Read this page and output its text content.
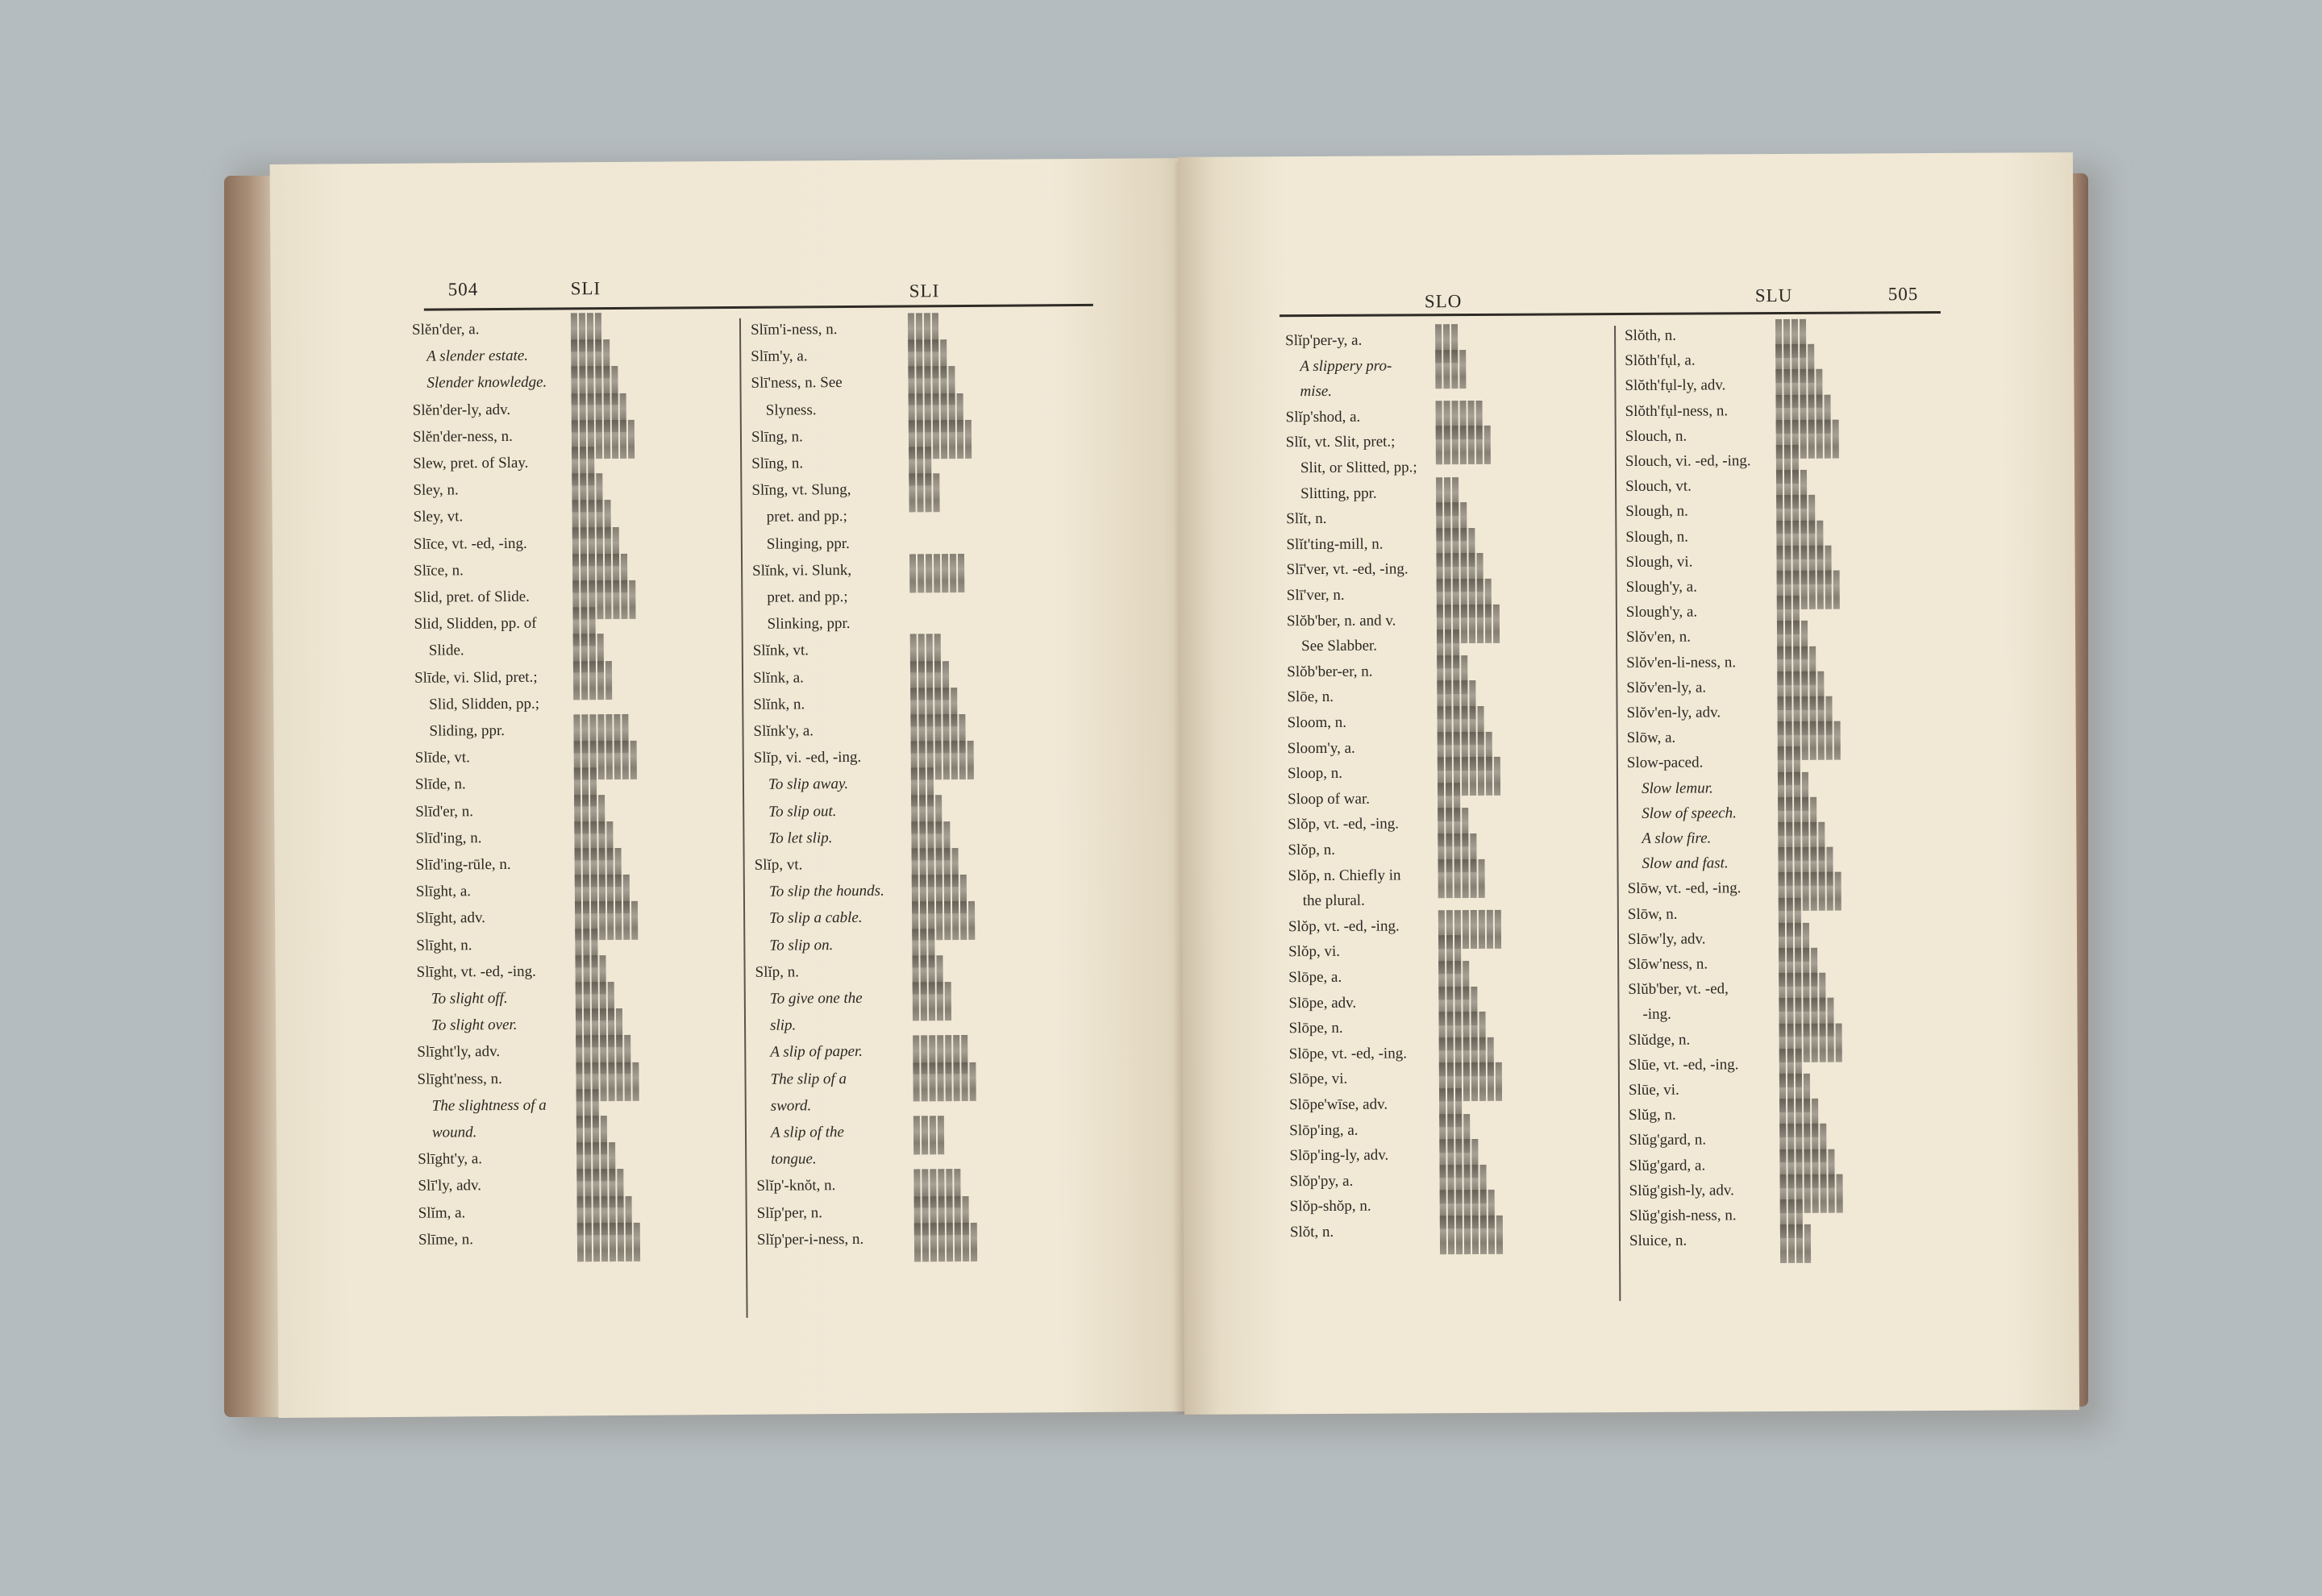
504	SLI	SLI
Slĕn'der, a.
A slender estate.
Slender knowledge.
Slĕn'der-ly, adv.
Slĕn'der-ness, n.
Slew, pret. of Slay.
Sley, n.
Sley, vt.
Slīce, vt. -ed, -ing.
Slīce, n.
Slid, pret. of Slide.
Slid, Slidden, pp. of
Slide.
Slīde, vi. Slid, pret.;
Slid, Slidden, pp.;
Sliding, ppr.
Slīde, vt.
Slīde, n.
Slīd'er, n.
Slīd'ing, n.
Slīd'ing-rūle, n.
Slīght, a.
Slīght, adv.
Slīght, n.
Slīght, vt. -ed, -ing.
To slight off.
To slight over.
Slīght'ly, adv.
Slīght'ness, n.
The slightness of a
wound.
Slīght'y, a.
Slī'ly, adv.
Slĭm, a.
Slīme, n.
Slīm'i-ness, n.
Slīm'y, a.
Slī'ness, n. See
Slyness.
Slīng, n.
Slīng, n.
Slīng, vt. Slung,
pret. and pp.;
Slinging, ppr.
Slĭnk, vi. Slunk,
pret. and pp.;
Slinking, ppr.
Slĭnk, vt.
Slĭnk, a.
Slĭnk, n.
Slĭnk'y, a.
Slĭp, vi. -ed, -ing.
To slip away.
To slip out.
To let slip.
Slĭp, vt.
To slip the hounds.
To slip a cable.
To slip on.
Slĭp, n.
To give one the
slip.
A slip of paper.
The slip of a
sword.
A slip of the
tongue.
Slĭp'-knŏt, n.
Slĭp'per, n.
Slĭp'per-i-ness, n.
SLO	SLU	505
Slĭp'per-y, a.
A slippery pro-
mise.
Slĭp'shod, a.
Slĭt, vt. Slit, pret.;
Slit, or Slitted, pp.;
Slitting, ppr.
Slĭt, n.
Slĭt'ting-mill, n.
Slī'ver, vt. -ed, -ing.
Slī'ver, n.
Slŏb'ber, n. and v.
See Slabber.
Slŏb'ber-er, n.
Slōe, n.
Sloom, n.
Sloom'y, a.
Sloop, n.
Sloop of war.
Slŏp, vt. -ed, -ing.
Slŏp, n.
Slŏp, n. Chiefly in
the plural.
Slŏp, vt. -ed, -ing.
Slŏp, vi.
Slōpe, a.
Slōpe, adv.
Slōpe, n.
Slōpe, vt. -ed, -ing.
Slōpe, vi.
Slōpe'wīse, adv.
Slōp'ing, a.
Slōp'ing-ly, adv.
Slŏp'py, a.
Slŏp-shŏp, n.
Slŏt, n.
Slŏth, n.
Slŏth'fụl, a.
Slŏth'fụl-ly, adv.
Slŏth'fụl-ness, n.
Slouch, n.
Slouch, vi. -ed, -ing.
Slouch, vt.
Slough, n.
Slough, n.
Slough, vi.
Slough'y, a.
Slough'y, a.
Slŏv'en, n.
Slŏv'en-li-ness, n.
Slŏv'en-ly, a.
Slŏv'en-ly, adv.
Slōw, a.
Slow-paced.
Slow lemur.
Slow of speech.
A slow fire.
Slow and fast.
Slōw, vt. -ed, -ing.
Slōw, n.
Slōw'ly, adv.
Slōw'ness, n.
Slŭb'ber, vt. -ed,
-ing.
Slŭdge, n.
Slūe, vt. -ed, -ing.
Slūe, vi.
Slŭg, n.
Slŭg'gard, n.
Slŭg'gard, a.
Slŭg'gish-ly, adv.
Slŭg'gish-ness, n.
Sluice, n.
